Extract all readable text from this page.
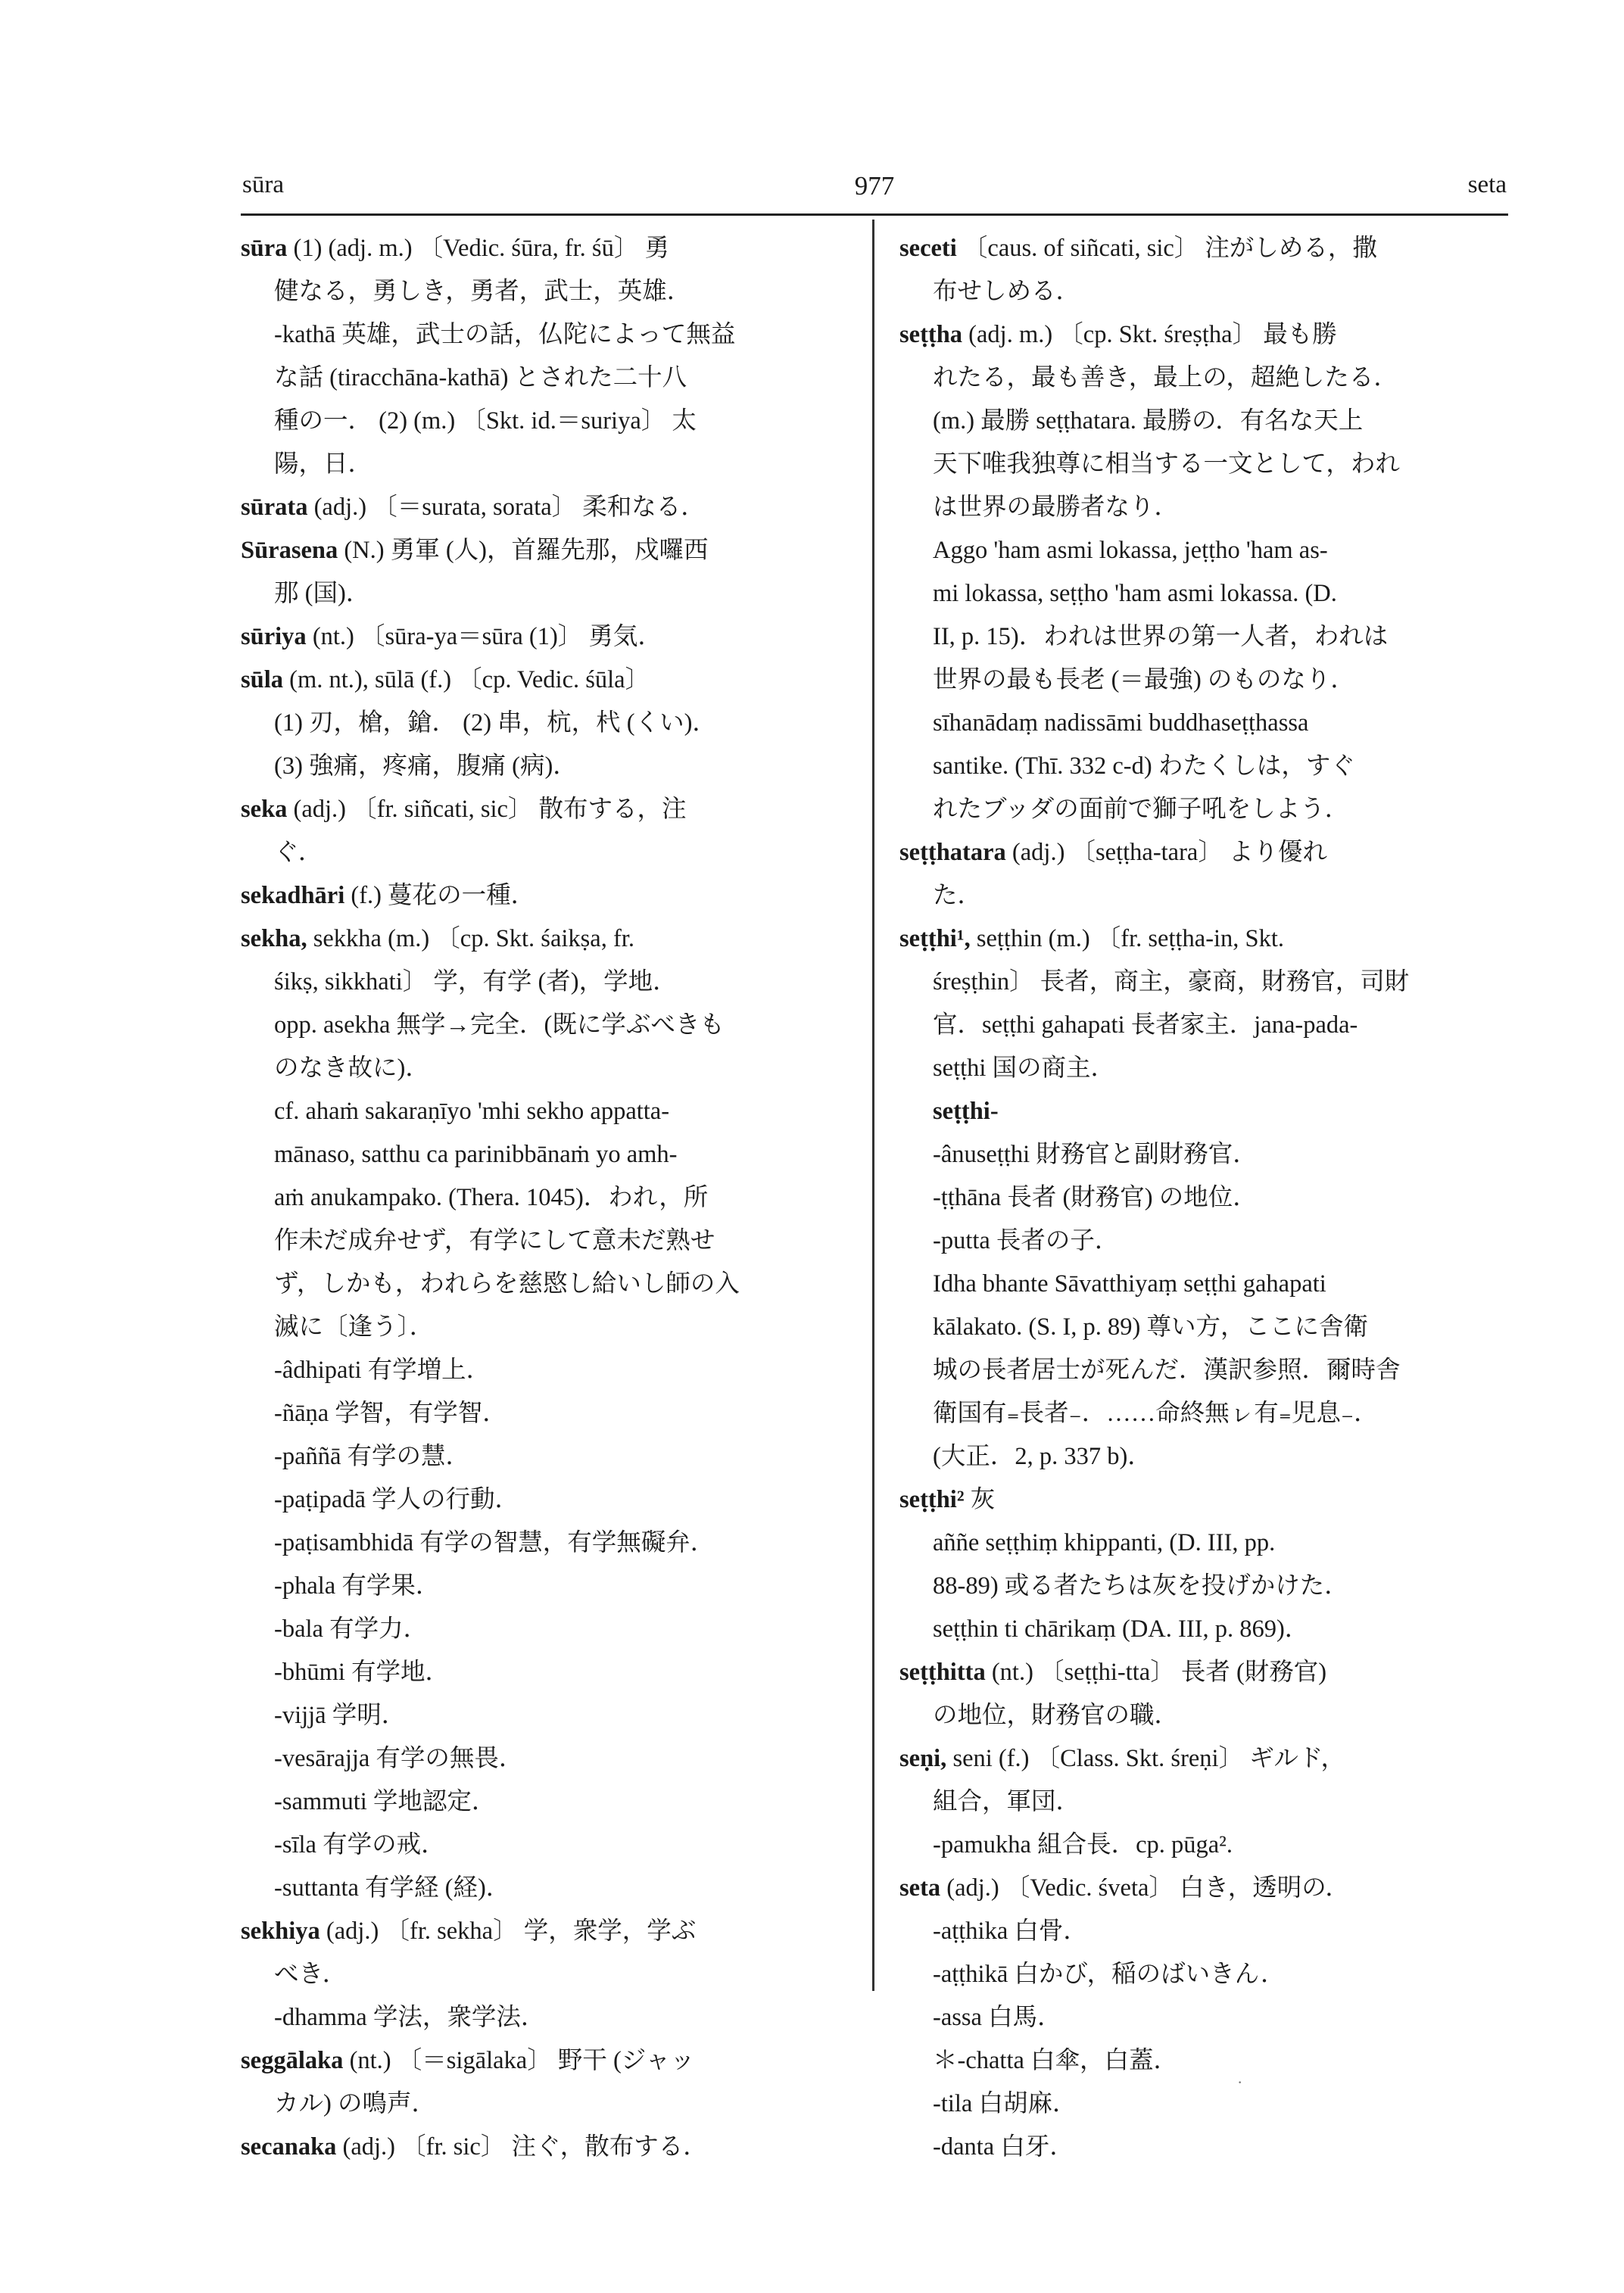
sūra	977	seta
sūra (1) (adj. m.) 〔Vedic. śūra, fr. śū〕 勇
健なる，勇しき，勇者，武士，英雄．
-kathā 英雄，武士の話，仏陀によって無益
な話 (tiracchāna-kathā) とされた二十八
種の一． (2) (m.) 〔Skt. id.＝suriya〕 太
陽，日．
sūrata (adj.) 〔＝surata, sorata〕 柔和なる．
Sūrasena (N.) 勇軍 (人)，首羅先那，戍囉西
那 (国)．
sūriya (nt.) 〔sūra-ya＝sūra (1)〕 勇気．
sūla (m. nt.), sūlā (f.) 〔cp. Vedic. śūla〕
(1) 刃，槍，鎗． (2) 串，杭，杙 (くい)．
(3) 強痛，疼痛，腹痛 (病)．
seka (adj.) 〔fr. siñcati, sic〕 散布する，注
ぐ．
sekadhāri (f.) 蔓花の一種．
sekha, sekkha (m.) 〔cp. Skt. śaikṣa, fr.
śikṣ, sikkhati〕 学，有学 (者)，学地．
opp. asekha 無学→完全．(既に学ぶべきも
のなき故に)．
cf. ahaṁ sakaraṇīyo 'mhi sekho appatta-
mānaso, satthu ca parinibbānaṁ yo amh-
aṁ anukampako. (Thera. 1045)．われ，所
作未だ成弁せず，有学にして意未だ熟せ
ず，しかも，われらを慈愍し給いし師の入
滅に〔逢う〕．
-âdhipati 有学増上．
-ñāṇa 学智，有学智．
-paññā 有学の慧．
-paṭipadā 学人の行動．
-paṭisambhidā 有学の智慧，有学無礙弁．
-phala 有学果．
-bala 有学力．
-bhūmi 有学地．
-vijjā 学明．
-vesārajja 有学の無畏．
-sammuti 学地認定．
-sīla 有学の戒．
-suttanta 有学経 (経)．
sekhiya (adj.) 〔fr. sekha〕 学，衆学，学ぶ
べき．
-dhamma 学法，衆学法．
seggālaka (nt.) 〔＝sigālaka〕 野干 (ジャッ
カル) の鳴声．
secanaka (adj.) 〔fr. sic〕 注ぐ，散布する．
seceti 〔caus. of siñcati, sic〕 注がしめる，撒
布せしめる．
seṭṭha (adj. m.) 〔cp. Skt. śreṣṭha〕 最も勝
れたる，最も善き，最上の，超絶したる．
(m.) 最勝 seṭṭhatara. 最勝の．有名な天上
天下唯我独尊に相当する一文として，われ
は世界の最勝者なり．
Aggo 'ham asmi lokassa, jeṭṭho 'ham as-
mi lokassa, seṭṭho 'ham asmi lokassa. (D.
II, p. 15)．われは世界の第一人者，われは
世界の最も長老 (＝最強) のものなり．
sīhanādaṃ nadissāmi buddhaseṭṭhassa
santike. (Thī. 332 c-d) わたくしは，すぐ
れたブッダの面前で獅子吼をしよう．
seṭṭhatara (adj.) 〔seṭṭha-tara〕 より優れ
た．
seṭṭhi¹, seṭṭhin (m.) 〔fr. seṭṭha-in, Skt.
śreṣṭhin〕 長者，商主，豪商，財務官，司財
官．seṭṭhi gahapati 長者家主．jana-pada-
seṭṭhi 国の商主．
seṭṭhi-
-ânuseṭṭhi 財務官と副財務官．
-ṭṭhāna 長者 (財務官) の地位．
-putta 長者の子．
Idha bhante Sāvatthiyaṃ seṭṭhi gahapati
kālakato. (S. I, p. 89) 尊い方，ここに舎衛
城の長者居士が死んだ．漢訳参照．爾時舎
衛国有₌長者₋．……命終無ㇾ有₌児息₋．
(大正．2, p. 337 b)．
seṭṭhi² 灰
aññe seṭṭhiṃ khippanti, (D. III, pp.
88-89) 或る者たちは灰を投げかけた．
seṭṭhin ti chārikaṃ (DA. III, p. 869)．
seṭṭhitta (nt.) 〔seṭṭhi-tta〕 長者 (財務官)
の地位，財務官の職．
seṇi, seni (f.) 〔Class. Skt. śreṇi〕 ギルド，
組合，軍団．
-pamukha 組合長．cp. pūga².
seta (adj.) 〔Vedic. śveta〕 白き，透明の．
-aṭṭhika 白骨．
-aṭṭhikā 白かび，稲のばいきん．
-assa 白馬．
＊-chatta 白傘，白蓋．
-tila 白胡麻．
-danta 白牙．
·
